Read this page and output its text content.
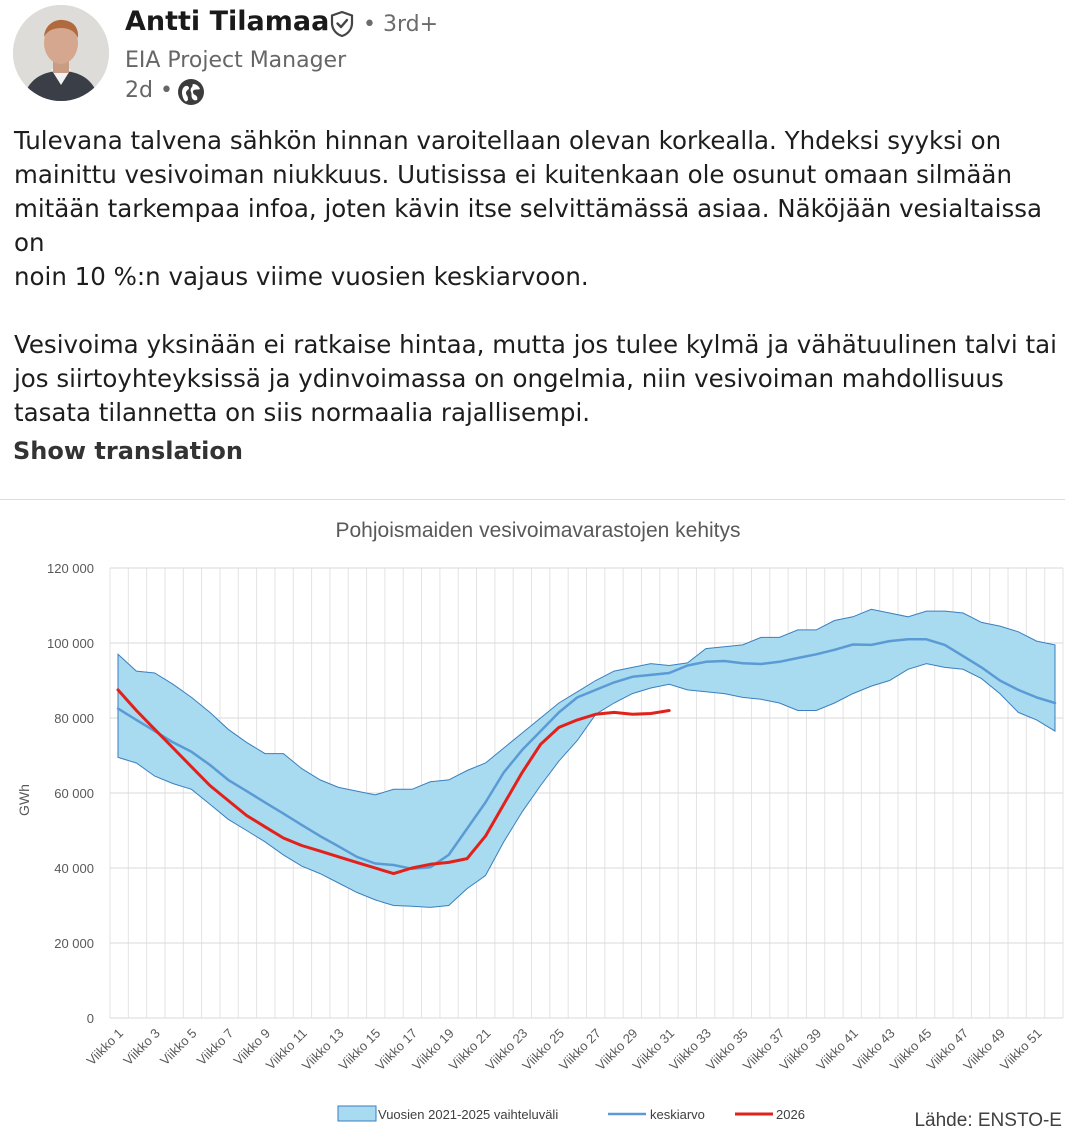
Antti Tilamaa • 3rd+
EIA Project Manager
2d •

Tulevana talvena sähkön hinnan varoitellaan olevan korkealla. Yhdeksi syyksi on
mainittu vesivoiman niukkuus. Uutisissa ei kuitenkaan ole osunut omaan silmään
mitään tarkempaa infoa, joten kävin itse selvittämässä asiaa. Näköjään vesialtaissa on
noin 10 %:n vajaus viime vuosien keskiarvoon.

Vesivoima yksinään ei ratkaise hintaa, mutta jos tulee kylmä ja vähätuulinen talvi tai
jos siirtoyhteyksissä ja ydinvoimassa on ongelmia, niin vesivoiman mahdollisuus
tasata tilannetta on siis normaalia rajallisempi.

Show translation
Pohjoismaiden vesivoimavarastojen kehitys
GWh
0
20 000
40 000
60 000
80 000
100 000
120 000
Viikko 1
Viikko 3
Viikko 5
Viikko 7
Viikko 9
Viikko 11
Viikko 13
Viikko 15
Viikko 17
Viikko 19
Viikko 21
Viikko 23
Viikko 25
Viikko 27
Viikko 29
Viikko 31
Viikko 33
Viikko 35
Viikko 37
Viikko 39
Viikko 41
Viikko 43
Viikko 45
Viikko 47
Viikko 49
Viikko 51
Vuosien 2021-2025 vaihteluväli	keskiarvo	2026	Lähde: ENSTO-E
